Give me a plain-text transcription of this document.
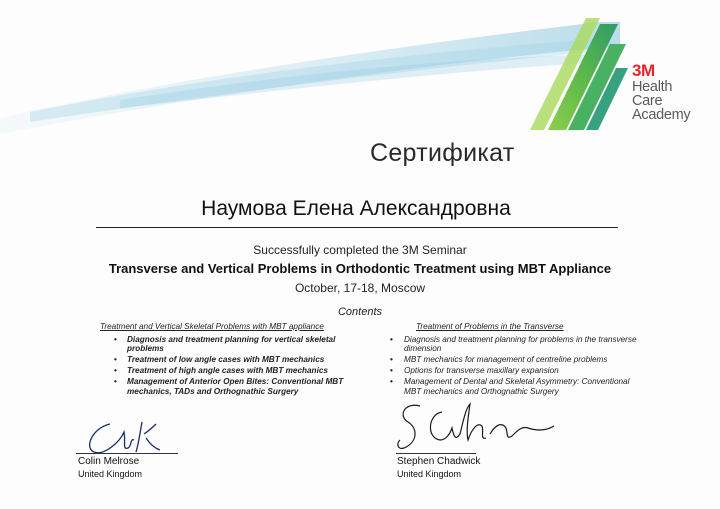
3M
Health
Care
Academy
Сертификат
Наумова Елена Александровна
Successfully completed the 3M Seminar
Transverse and Vertical Problems in Orthodontic Treatment using MBT Appliance
October, 17-18, Moscow
Contents
Treatment and Vertical Skeletal Problems with MBT appliance
• Diagnosis and treatment planning for vertical skeletal problems
• Treatment of low angle cases with MBT mechanics
• Treatment of high angle cases with MBT mechanics
• Management of Anterior Open Bites: Conventional MBT mechanics, TADs and Orthognathic Surgery
Treatment of Problems in the Transverse
• Diagnosis and treatment planning for problems in the transverse dimension
• MBT mechanics for management of centreline problems
• Options for transverse maxillary expansion
• Management of Dental and Skeletal Asymmetry: Conventional MBT mechanics and Orthognathic Surgery
Colin Melrose
United Kingdom
Stephen Chadwick
United Kingdom
